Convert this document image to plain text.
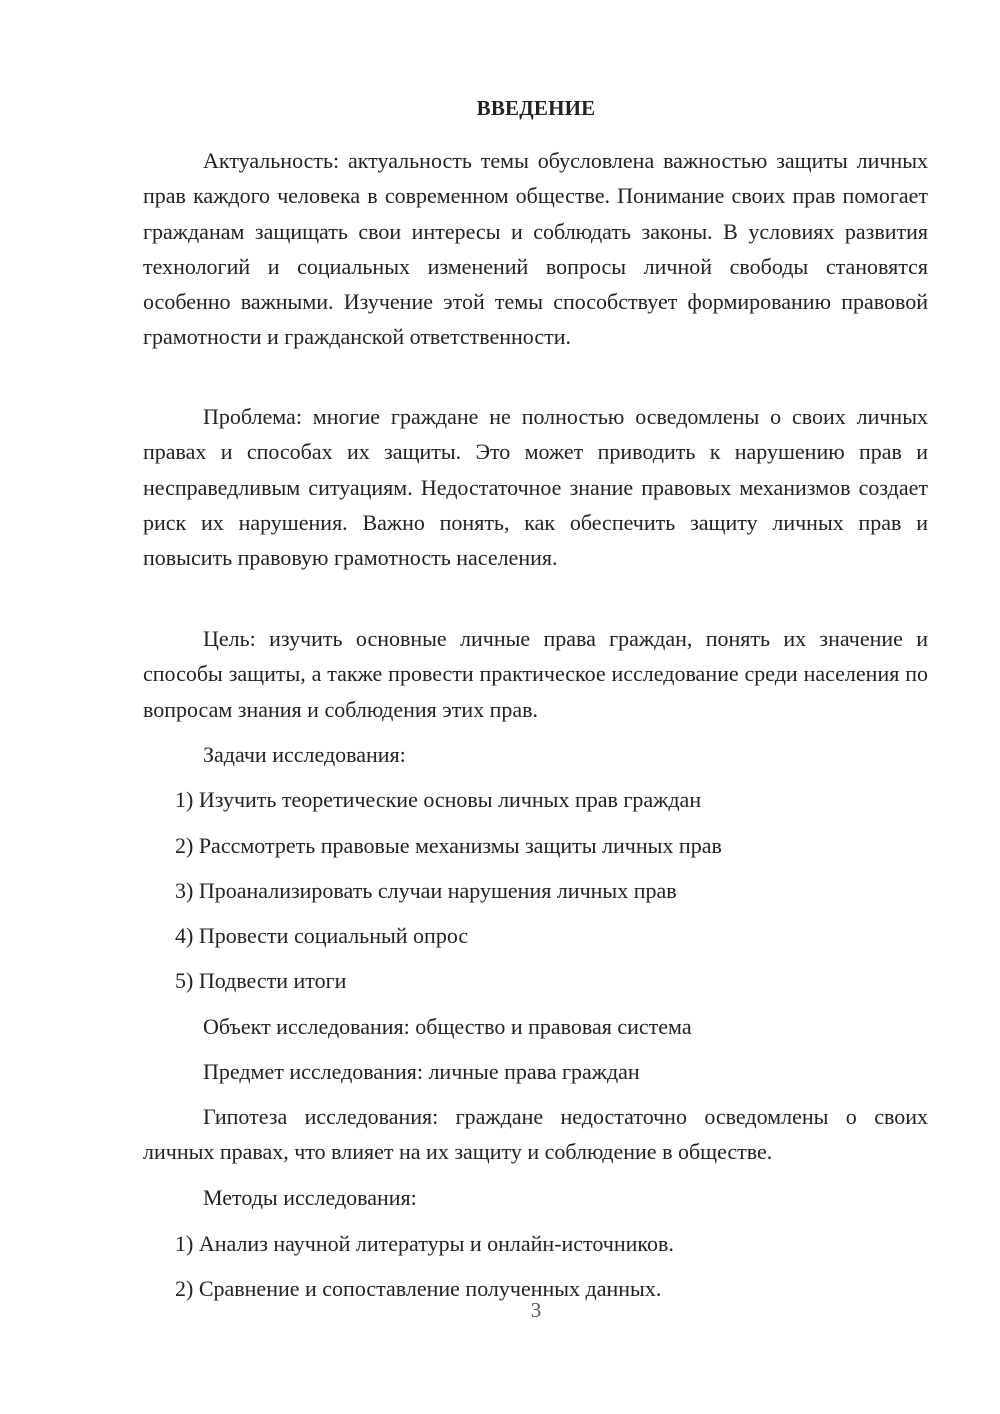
ВВЕДЕНИЕ

Актуальность: актуальность темы обусловлена важностью защиты личных прав каждого человека в современном обществе. Понимание своих прав помогает гражданам защищать свои интересы и соблюдать законы. В условиях развития технологий и социальных изменений вопросы личной свободы становятся особенно важными. Изучение этой темы способствует формированию правовой грамотности и гражданской ответственности.

Проблема: многие граждане не полностью осведомлены о своих личных правах и способах их защиты. Это может приводить к нарушению прав и несправедливым ситуациям. Недостаточное знание правовых механизмов создает риск их нарушения. Важно понять, как обеспечить защиту личных прав и повысить правовую грамотность населения.

Цель: изучить основные личные права граждан, понять их значение и способы защиты, а также провести практическое исследование среди населения по вопросам знания и соблюдения этих прав.

Задачи исследования:

1) Изучить теоретические основы личных прав граждан

2) Рассмотреть правовые механизмы защиты личных прав

3) Проанализировать случаи нарушения личных прав

4) Провести социальный опрос

5) Подвести итоги

Объект исследования: общество и правовая система

Предмет исследования: личные права граждан

Гипотеза исследования: граждане недостаточно осведомлены о своих личных правах, что влияет на их защиту и соблюдение в обществе.

Методы исследования:

1) Анализ научной литературы и онлайн-источников.

2) Сравнение и сопоставление полученных данных.

3
